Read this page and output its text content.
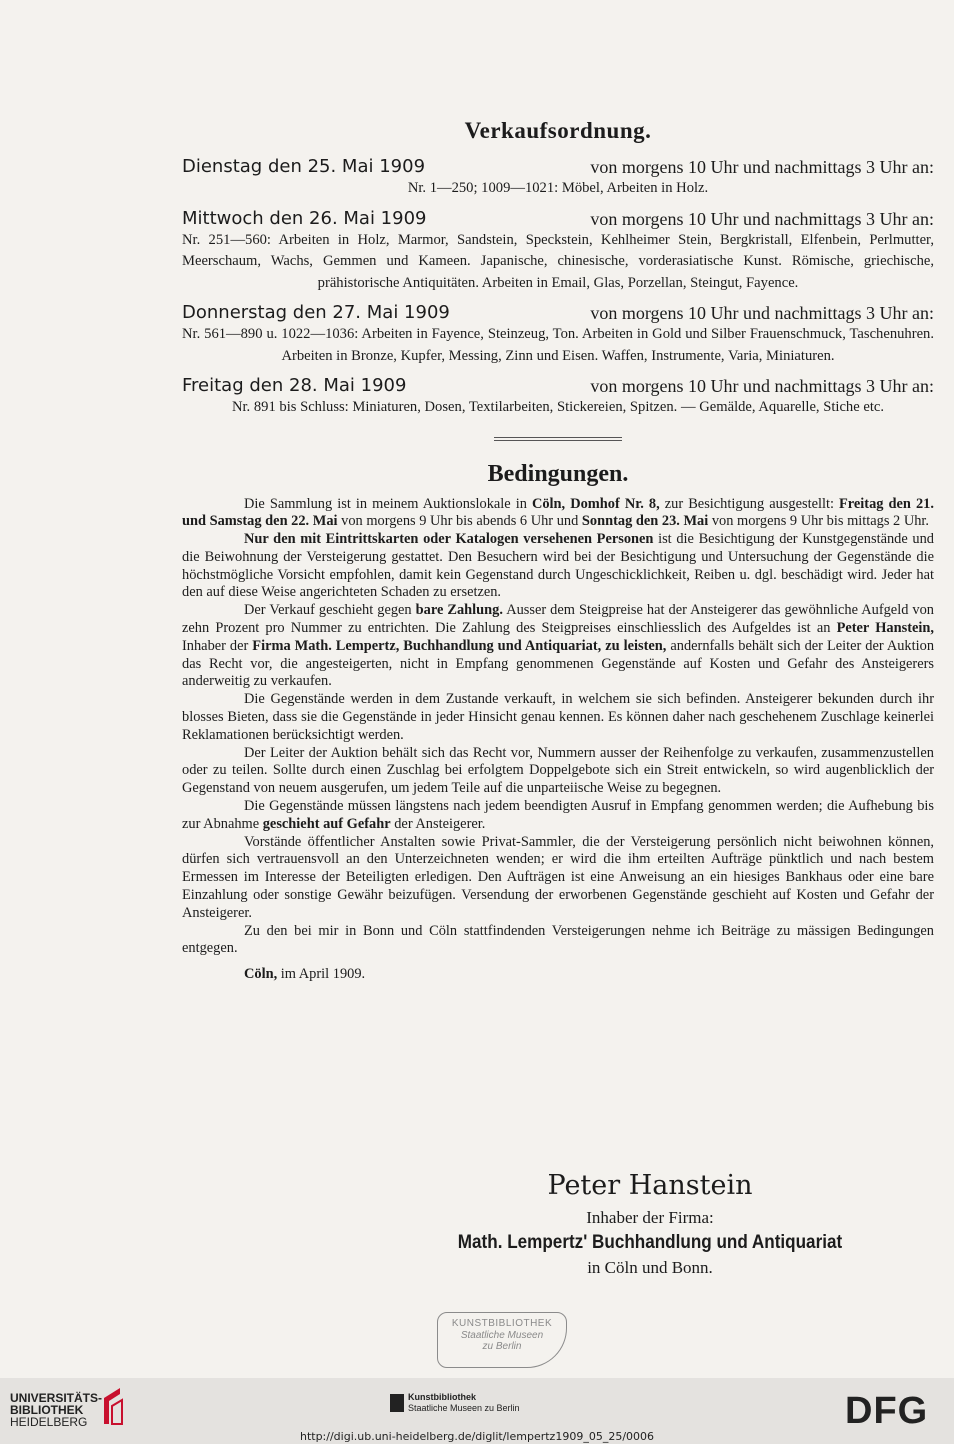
Verkaufsordnung.
Dienstag den 25. Mai 1909	von morgens 10 Uhr und nachmittags 3 Uhr an:

Nr. 1—250; 1009—1021: Möbel, Arbeiten in Holz.

Mittwoch den 26. Mai 1909	von morgens 10 Uhr und nachmittags 3 Uhr an:

Nr. 251—560: Arbeiten in Holz, Marmor, Sandstein, Speckstein, Kehlheimer Stein, Bergkristall, Elfenbein, Perlmutter, Meerschaum, Wachs, Gemmen und Kameen. Japanische, chinesische, vorderasiatische Kunst. Römische, griechische, prähistorische Antiquitäten. Arbeiten in Email, Glas, Porzellan, Steingut, Fayence.

Donnerstag den 27. Mai 1909	von morgens 10 Uhr und nachmittags 3 Uhr an:

Nr. 561—890 u. 1022—1036: Arbeiten in Fayence, Steinzeug, Ton. Arbeiten in Gold und Silber Frauenschmuck, Taschenuhren. Arbeiten in Bronze, Kupfer, Messing, Zinn und Eisen. Waffen, Instrumente, Varia, Miniaturen.

Freitag den 28. Mai 1909	von morgens 10 Uhr und nachmittags 3 Uhr an:

Nr. 891 bis Schluss: Miniaturen, Dosen, Textilarbeiten, Stickereien, Spitzen. — Gemälde, Aquarelle, Stiche etc.

Bedingungen.

Die Sammlung ist in meinem Auktionslokale in Cöln, Domhof Nr. 8, zur Besichtigung ausgestellt: Freitag den 21. und Samstag den 22. Mai von morgens 9 Uhr bis abends 6 Uhr und Sonntag den 23. Mai von morgens 9 Uhr bis mittags 2 Uhr.

Nur den mit Eintrittskarten oder Katalogen versehenen Personen ist die Besichtigung der Kunstgegenstände und die Beiwohnung der Versteigerung gestattet. Den Besuchern wird bei der Besichtigung und Untersuchung der Gegenstände die höchstmögliche Vorsicht empfohlen, damit kein Gegenstand durch Ungeschicklichkeit, Reiben u. dgl. beschädigt wird. Jeder hat den auf diese Weise angerichteten Schaden zu ersetzen.

Der Verkauf geschieht gegen bare Zahlung. Ausser dem Steigpreise hat der Ansteigerer das gewöhnliche Aufgeld von zehn Prozent pro Nummer zu entrichten. Die Zahlung des Steigpreises einschliesslich des Aufgeldes ist an Peter Hanstein, Inhaber der Firma Math. Lempertz, Buchhandlung und Antiquariat, zu leisten, andernfalls behält sich der Leiter der Auktion das Recht vor, die angesteigerten, nicht in Empfang genommenen Gegenstände auf Kosten und Gefahr des Ansteigerers anderweitig zu verkaufen.

Die Gegenstände werden in dem Zustande verkauft, in welchem sie sich befinden. Ansteigerer bekunden durch ihr blosses Bieten, dass sie die Gegenstände in jeder Hinsicht genau kennen. Es können daher nach geschehenem Zuschlage keinerlei Reklamationen berücksichtigt werden.

Der Leiter der Auktion behält sich das Recht vor, Nummern ausser der Reihenfolge zu verkaufen, zusammenzustellen oder zu teilen. Sollte durch einen Zuschlag bei erfolgtem Doppelgebote sich ein Streit entwickeln, so wird augenblicklich der Gegenstand von neuem ausgerufen, um jedem Teile auf die unparteiische Weise zu begegnen.

Die Gegenstände müssen längstens nach jedem beendigten Ausruf in Empfang genommen werden; die Aufhebung bis zur Abnahme geschieht auf Gefahr der Ansteigerer.

Vorstände öffentlicher Anstalten sowie Privat-Sammler, die der Versteigerung persönlich nicht beiwohnen können, dürfen sich vertrauensvoll an den Unterzeichneten wenden; er wird die ihm erteilten Aufträge pünktlich und nach bestem Ermessen im Interesse der Beteiligten erledigen. Den Aufträgen ist eine Anweisung an ein hiesiges Bankhaus oder eine bare Einzahlung oder sonstige Gewähr beizufügen. Versendung der erworbenen Gegenstände geschieht auf Kosten und Gefahr der Ansteigerer.

Zu den bei mir in Bonn und Cöln stattfindenden Versteigerungen nehme ich Beiträge zu mässigen Bedingungen entgegen.

Cöln, im April 1909.
Peter Hanstein
Inhaber der Firma:
Math. Lempertz' Buchhandlung und Antiquariat
in Cöln und Bonn.
KUNSTBIBLIOTHEK
Staatliche Museen
zu Berlin
UNIVERSITÄTS-
BIBLIOTHEK
HEIDELBERG
Kunstbibliothek
Staatliche Museen zu Berlin	DFG
http://digi.ub.uni-heidelberg.de/diglit/lempertz1909_05_25/0006
